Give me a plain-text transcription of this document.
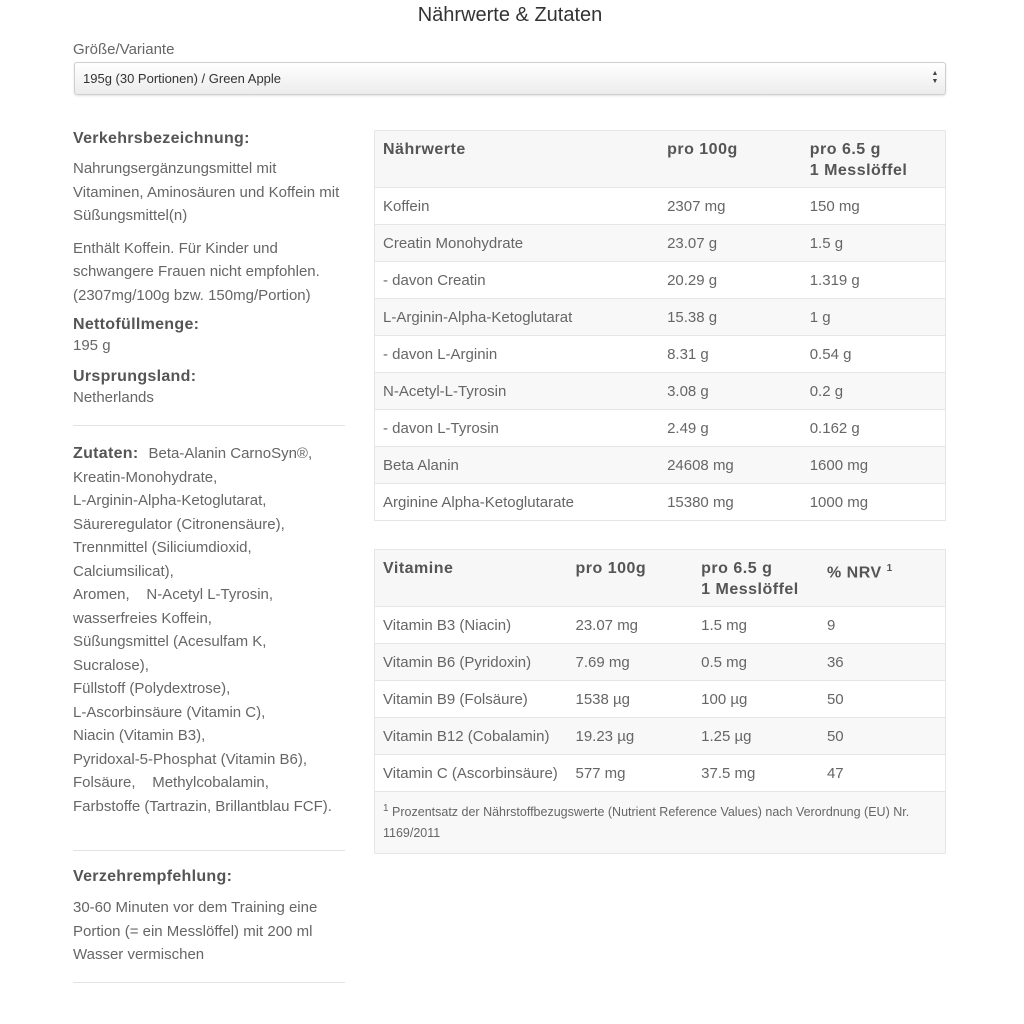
Nährwerte & Zutaten
Größe/Variante
195g (30 Portionen) / Green Apple	▲
▼
Verkehrsbezeichnung:
Nahrungsergänzungsmittel mit Vitaminen, Aminosäuren und Koffein mit Süßungsmittel(n)
Enthält Koffein. Für Kinder und schwangere Frauen nicht empfohlen. (2307mg/100g bzw. 150mg/Portion)
Nettofüllmenge:
195 g
Ursprungsland:
Netherlands
Zutaten: Beta-Alanin CarnoSyn®,
Kreatin-Monohydrate,
L-Arginin-Alpha-Ketoglutarat,
Säureregulator (Citronensäure),
Trennmittel (Siliciumdioxid,
Calciumsilicat),
Aromen,    N-Acetyl L-Tyrosin,
wasserfreies Koffein,
Süßungsmittel (Acesulfam K,
Sucralose),
Füllstoff (Polydextrose),
L-Ascorbinsäure (Vitamin C),
Niacin (Vitamin B3),
Pyridoxal-5-Phosphat (Vitamin B6),
Folsäure,    Methylcobalamin,
Farbstoffe (Tartrazin, Brillantblau FCF).
Verzehrempfehlung:
30-60 Minuten vor dem Training eine Portion (= ein Messlöffel) mit 200 ml Wasser vermischen
Nährwerte	pro 100g	pro 6.5 g
1 Messlöffel
Koffein	2307 mg	150 mg
Creatin Monohydrate	23.07 g	1.5 g
- davon Creatin	20.29 g	1.319 g
L-Arginin-Alpha-Ketoglutarat	15.38 g	1 g
- davon L-Arginin	8.31 g	0.54 g
N-Acetyl-L-Tyrosin	3.08 g	0.2 g
- davon L-Tyrosin	2.49 g	0.162 g
Beta Alanin	24608 mg	1600 mg
Arginine Alpha-Ketoglutarate	15380 mg	1000 mg
Vitamine	pro 100g	pro 6.5 g
1 Messlöffel	% NRV $^1$
Vitamin B3 (Niacin)	23.07 mg	1.5 mg	9
Vitamin B6 (Pyridoxin)	7.69 mg	0.5 mg	36
Vitamin B9 (Folsäure)	1538 µg	100 µg	50
Vitamin B12 (Cobalamin)	19.23 µg	1.25 µg	50
Vitamin C (Ascorbinsäure)	577 mg	37.5 mg	47
$^1$ Prozentsatz der Nährstoffbezugswerte (Nutrient Reference Values) nach Verordnung (EU) Nr. 1169/2011			
